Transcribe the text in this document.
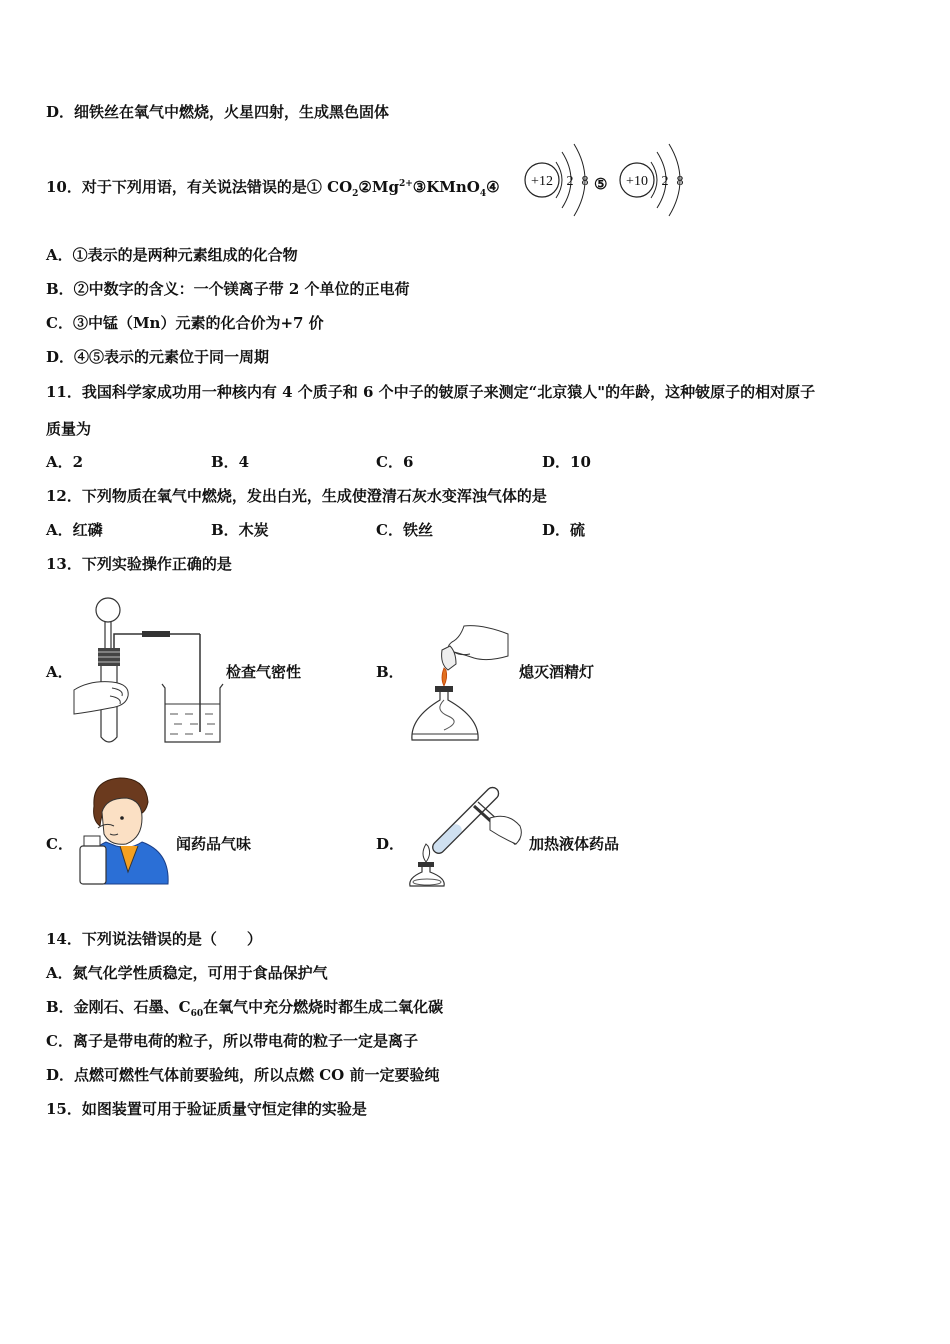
D．细铁丝在氧气中燃烧，火星四射，生成黑色固体
10．对于下列用语，有关说法错误的是① $CO_2②Mg^{2+}③KMnO_4④ +12$ 2 8 ⑤ +10 2 8
A．①表示的是两种元素组成的化合物
B．②中数字的含义：一个镁离子带 2 个单位的正电荷
C．③中锰（Mn）元素的化合价为+7 价
D．④⑤表示的元素位于同一周期
11．我国科学家成功用一种核内有 4 个质子和 6 个中子的铍原子来测定“北京猿人"的年龄，这种铍原子的相对原子
质量为
A．2	B．4	C．6	D．10
12．下列物质在氧气中燃烧，发出白光，生成使澄清石灰水变浑浊气体的是
A．红磷	B．木炭	C．铁丝	D．硫
13．下列实验操作正确的是
A．	检查气密性	B．	熄灭酒精灯
C．	闻药品气味	D．	加热液体药品
14．下列说法错误的是（　　）
A．氮气化学性质稳定，可用于食品保护气
B．金刚石、石墨、$C_{60}$在氧气中充分燃烧时都生成二氧化碳
C．离子是带电荷的粒子，所以带电荷的粒子一定是离子
D．点燃可燃性气体前要验纯，所以点燃 CO 前一定要验纯
15．如图装置可用于验证质量守恒定律的实验是
